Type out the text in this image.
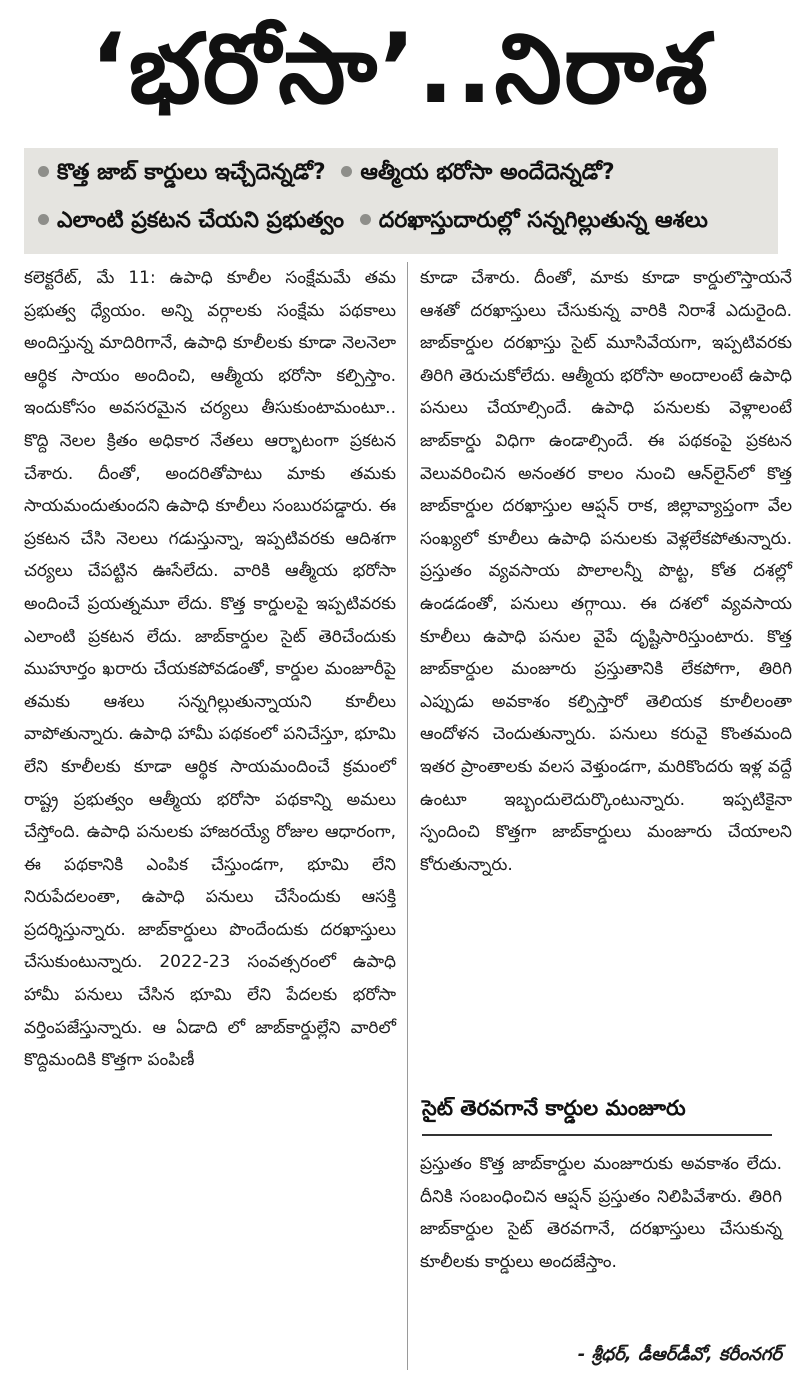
‘భరోసా’..నిరాశ
కొత్త జాబ్ కార్డులు ఇచ్చేదెన్నడో? ఆత్మీయ భరోసా అందేదెన్నడో?
ఎలాంటి ప్రకటన చేయని ప్రభుత్వం దరఖాస్తుదారుల్లో సన్నగిల్లుతున్న ఆశలు

కలెక్టరేట్, మే 11: ఉపాధి కూలీల సంక్షేమమే తమ ప్రభుత్వ ధ్యేయం. అన్ని వర్గాలకు సంక్షేమ పథకాలు అందిస్తున్న మాదిరిగానే, ఉపాధి కూలీలకు కూడా నెలనెలా ఆర్థిక సాయం అందించి, ఆత్మీయ భరోసా కల్పిస్తాం. ఇందుకోసం అవసరమైన చర్యలు తీసుకుంటామంటూ.. కొద్ది నెలల క్రితం అధికార నేతలు ఆర్భాటంగా ప్రకటన చేశారు. దీంతో, అందరితోపాటు మాకు తమకు సాయమందుతుందని ఉపాధి కూలీలు సంబురపడ్డారు. ఈ ప్రకటన చేసి నెలలు గడుస్తున్నా, ఇప్పటివరకు ఆదిశగా చర్యలు చేపట్టిన ఊసేలేదు. వారికి ఆత్మీయ భరోసా అందించే ప్రయత్నమూ లేదు. కొత్త కార్డులపై ఇప్పటివరకు ఎలాంటి ప్రకటన లేదు. జాబ్‌కార్డుల సైట్ తెరిచేందుకు ముహూర్తం ఖరారు చేయకపోవడంతో, కార్డుల మంజూరీపై తమకు ఆశలు సన్నగిల్లుతున్నాయని కూలీలు వాపోతున్నారు. ఉపాధి హామీ పథకంలో పనిచేస్తూ, భూమి లేని కూలీలకు కూడా ఆర్థిక సాయమందించే క్రమంలో రాష్ట్ర ప్రభుత్వం ఆత్మీయ భరోసా పథకాన్ని అమలు చేస్తోంది. ఉపాధి పనులకు హాజరయ్యే రోజుల ఆధారంగా, ఈ పథకానికి ఎంపిక చేస్తుండగా, భూమి లేని నిరుపేదలంతా, ఉపాధి పనులు చేసేందుకు ఆసక్తి ప్రదర్శిస్తున్నారు. జాబ్‌కార్డులు పొందేందుకు దరఖాస్తులు చేసుకుంటున్నారు. 2022-23 సంవత్సరంలో ఉపాధి హామీ పనులు చేసిన భూమి లేని పేదలకు భరోసా వర్తింపజేస్తున్నారు. ఆ ఏడాది లో జాబ్‌కార్డుల్లేని వారిలో కొద్దిమందికి కొత్తగా పంపిణీ

కూడా చేశారు. దీంతో, మాకు కూడా కార్డులొస్తాయనే ఆశతో దరఖాస్తులు చేసుకున్న వారికి నిరాశే ఎదురైంది. జాబ్‌కార్డుల దరఖాస్తు సైట్ మూసివేయగా, ఇప్పటివరకు తిరిగి తెరుచుకోలేదు. ఆత్మీయ భరోసా అందాలంటే ఉపాధి పనులు చేయాల్సిందే. ఉపాధి పనులకు వెళ్లాలంటే జాబ్‌కార్డు విధిగా ఉండాల్సిందే. ఈ పథకంపై ప్రకటన వెలువరించిన అనంతర కాలం నుంచి ఆన్‌లైన్‌లో కొత్త జాబ్‌కార్డుల దరఖాస్తుల ఆప్షన్ రాక, జిల్లావ్యాప్తంగా వేల సంఖ్యలో కూలీలు ఉపాధి పనులకు వెళ్లలేకపోతున్నారు. ప్రస్తుతం వ్యవసాయ పొలాలన్నీ పొట్ట, కోత దశల్లో ఉండడంతో, పనులు తగ్గాయి. ఈ దశలో వ్యవసాయ కూలీలు ఉపాధి పనుల వైపే దృష్టిసారిస్తుంటారు. కొత్త జాబ్‌కార్డుల మంజూరు ప్రస్తుతానికి లేకపోగా, తిరిగి ఎప్పుడు అవకాశం కల్పిస్తారో తెలియక కూలీలంతా ఆందోళన చెందుతున్నారు. పనులు కరువై కొంతమంది ఇతర ప్రాంతాలకు వలస వెళ్తుండగా, మరికొందరు ఇళ్ల వద్దే ఉంటూ ఇబ్బందులెదుర్కొంటున్నారు. ఇప్పటికైనా స్పందించి కొత్తగా జాబ్‌కార్డులు మంజూరు చేయాలని కోరుతున్నారు.

సైట్ తెరవగానే కార్డుల మంజూరు
ప్రస్తుతం కొత్త జాబ్‌కార్డుల మంజూరుకు అవకాశం లేదు. దీనికి సంబంధించిన ఆప్షన్ ప్రస్తుతం నిలిపివేశారు. తిరిగి జాబ్‌కార్డుల సైట్ తెరవగానే, దరఖాస్తులు చేసుకున్న కూలీలకు కార్డులు అందజేస్తాం.
- శ్రీధర్, డీఆర్‌డీవో, కరీంనగర్
